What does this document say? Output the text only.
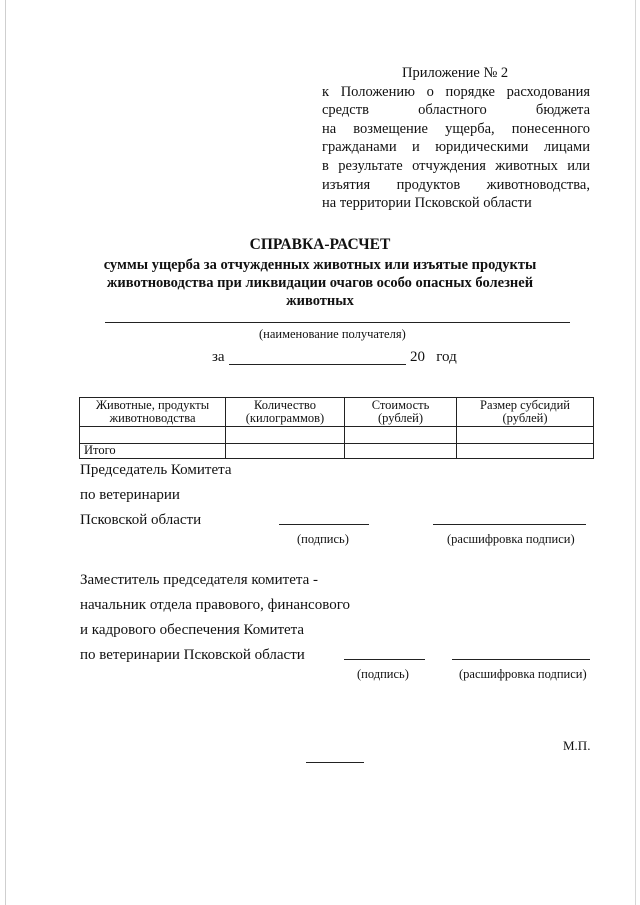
Приложение № 2
к Положению о порядке расходования
средств областного бюджета
на возмещение ущерба, понесенного
гражданами и юридическими лицами
в результате отчуждения животных или
изъятия продуктов животноводства,
на территории Псковской области
СПРАВКА-РАСЧЕТ
суммы ущерба за отчужденных животных или изъятые продукты животноводства при ликвидации очагов особо опасных болезней животных
(наименование получателя)
за	20   год
Животные, продукты животноводства	Количество (килограммов)	Стоимость (рублей)	Размер субсидий (рублей)

Итого			
Председатель Комитета
по ветеринарии
Псковской области
(подпись)	(расшифровка подписи)
Заместитель председателя комитета -
начальник отдела правового, финансового
и кадрового обеспечения Комитета
по ветеринарии Псковской области
(подпись)	(расшифровка подписи)
М.П.
